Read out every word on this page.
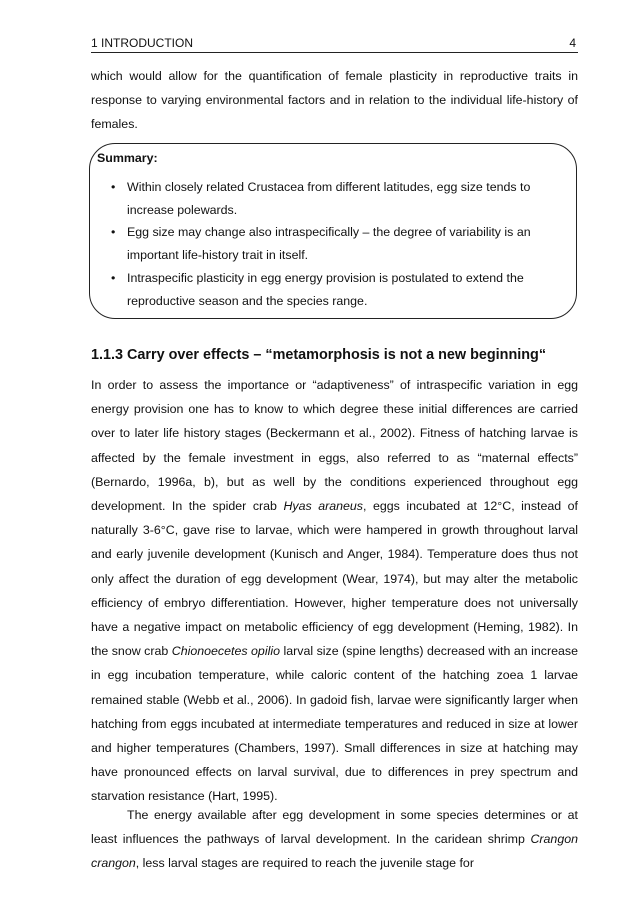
1 INTRODUCTION	4

which would allow for the quantification of female plasticity in reproductive traits in response to varying environmental factors and in relation to the individual life-history of females.

Summary:
• Within closely related Crustacea from different latitudes, egg size tends to increase polewards.
• Egg size may change also intraspecifically – the degree of variability is an important life-history trait in itself.
• Intraspecific plasticity in egg energy provision is postulated to extend the reproductive season and the species range.
1.1.3 Carry over effects – “metamorphosis is not a new beginning“

In order to assess the importance or “adaptiveness” of intraspecific variation in egg energy provision one has to know to which degree these initial differences are carried over to later life history stages (Beckermann et al., 2002). Fitness of hatching larvae is affected by the female investment in eggs, also referred to as “maternal effects” (Bernardo, 1996a, b), but as well by the conditions experienced throughout egg development. In the spider crab Hyas araneus, eggs incubated at 12°C, instead of naturally 3-6°C, gave rise to larvae, which were hampered in growth throughout larval and early juvenile development (Kunisch and Anger, 1984). Temperature does thus not only affect the duration of egg development (Wear, 1974), but may alter the metabolic efficiency of embryo differentiation. However, higher temperature does not universally have a negative impact on metabolic efficiency of egg development (Heming, 1982). In the snow crab Chionoecetes opilio larval size (spine lengths) decreased with an increase in egg incubation temperature, while caloric content of the hatching zoea 1 larvae remained stable (Webb et al., 2006). In gadoid fish, larvae were significantly larger when hatching from eggs incubated at intermediate temperatures and reduced in size at lower and higher temperatures (Chambers, 1997). Small differences in size at hatching may have pronounced effects on larval survival, due to differences in prey spectrum and starvation resistance (Hart, 1995).

The energy available after egg development in some species determines or at least influences the pathways of larval development. In the caridean shrimp Crangon crangon, less larval stages are required to reach the juvenile stage for
